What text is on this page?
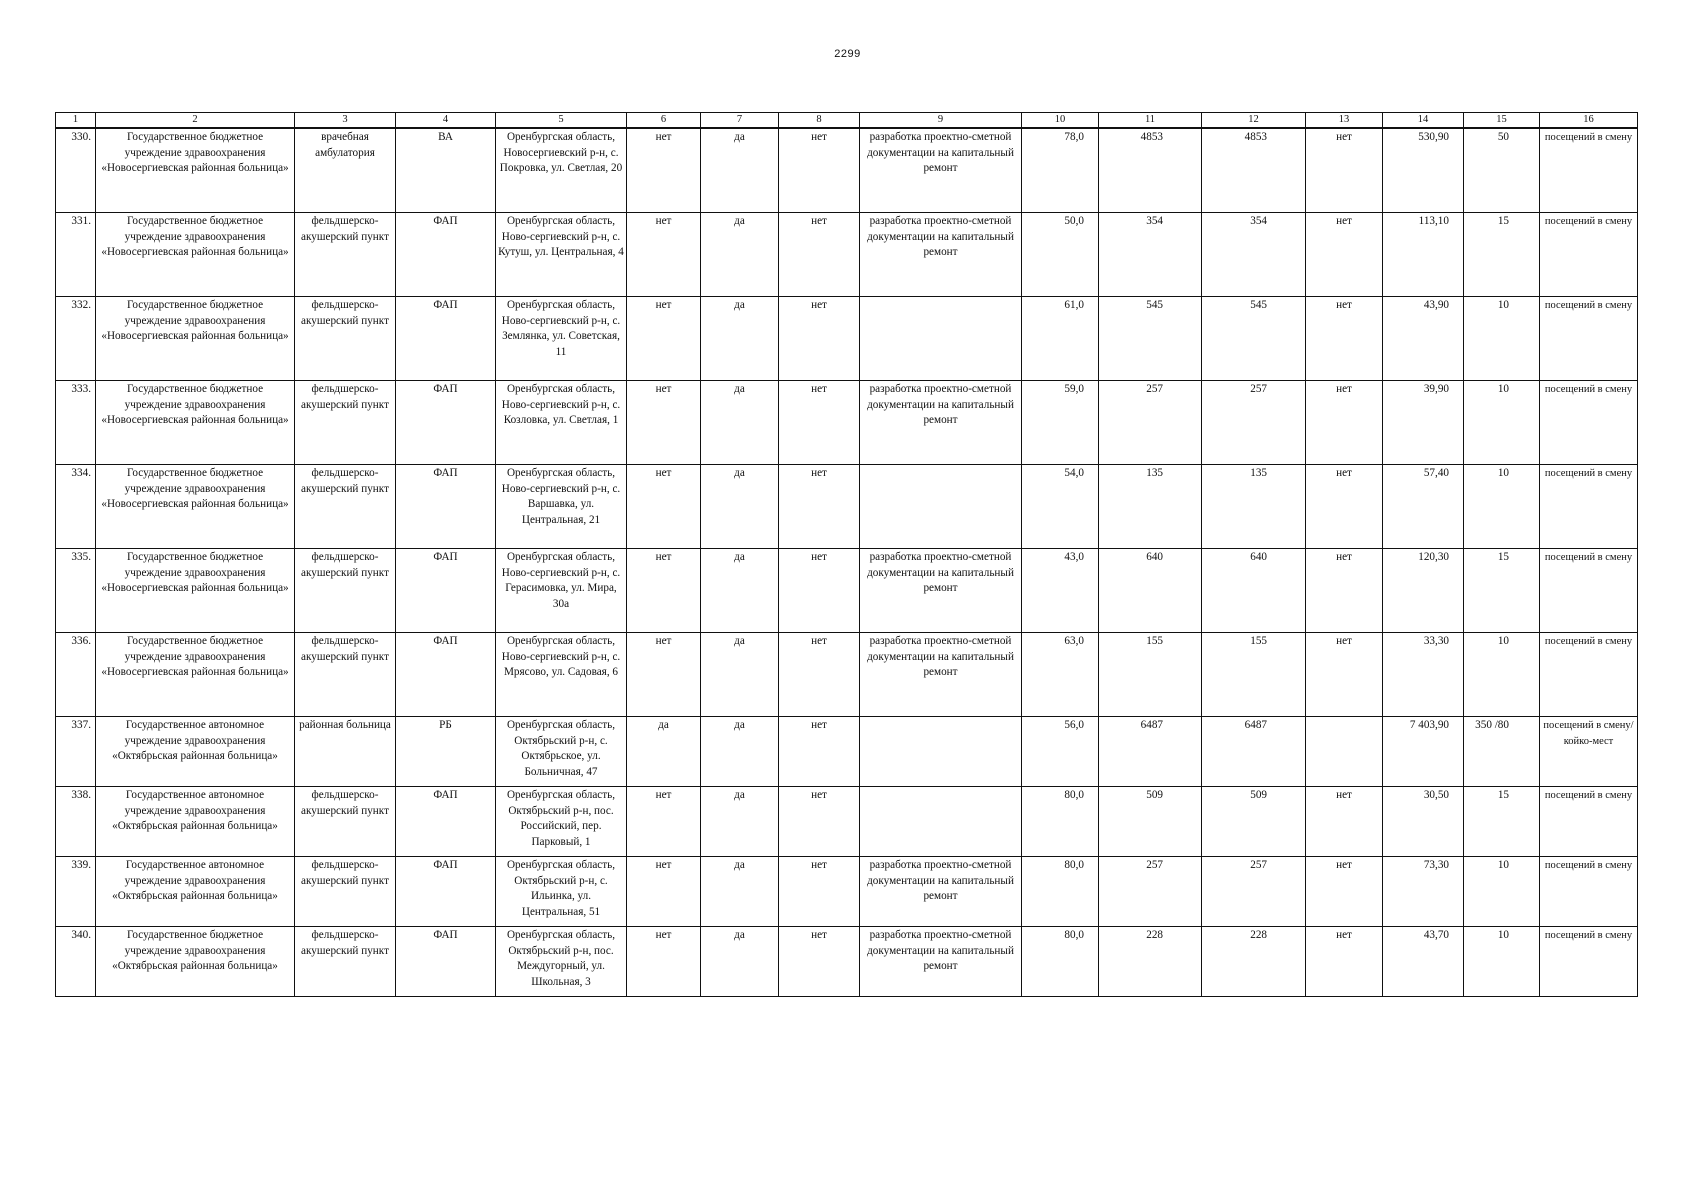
2299
1	2	3	4	5	6	7	8	9	10	11	12	13	14	15	16
330.	Государственное бюджетное учреждение здравоохранения «Новосергиевская районная больница»	врачебная амбулатория	ВА	Оренбургская область, Новосергиевский р-н, с. Покровка, ул. Светлая, 20	нет	да	нет	разработка проектно-сметной документации на капитальный ремонт	78,0	4853	4853	нет	530,90	50	посещений в смену
331.	Государственное бюджетное учреждение здравоохранения «Новосергиевская районная больница»	фельдшерско-акушерский пункт	ФАП	Оренбургская область, Ново-сергиевский р-н, с. Кутуш, ул. Центральная, 4	нет	да	нет	разработка проектно-сметной документации на капитальный ремонт	50,0	354	354	нет	113,10	15	посещений в смену
332.	Государственное бюджетное учреждение здравоохранения «Новосергиевская районная больница»	фельдшерско-акушерский пункт	ФАП	Оренбургская область, Ново-сергиевский р-н, с. Землянка, ул. Советская, 11	нет	да	нет		61,0	545	545	нет	43,90	10	посещений в смену
333.	Государственное бюджетное учреждение здравоохранения «Новосергиевская районная больница»	фельдшерско-акушерский пункт	ФАП	Оренбургская область, Ново-сергиевский р-н, с. Козловка, ул. Светлая, 1	нет	да	нет	разработка проектно-сметной документации на капитальный ремонт	59,0	257	257	нет	39,90	10	посещений в смену
334.	Государственное бюджетное учреждение здравоохранения «Новосергиевская районная больница»	фельдшерско-акушерский пункт	ФАП	Оренбургская область, Ново-сергиевский р-н, с. Варшавка, ул. Центральная, 21	нет	да	нет		54,0	135	135	нет	57,40	10	посещений в смену
335.	Государственное бюджетное учреждение здравоохранения «Новосергиевская районная больница»	фельдшерско-акушерский пункт	ФАП	Оренбургская область, Ново-сергиевский р-н, с. Герасимовка, ул. Мира, 30а	нет	да	нет	разработка проектно-сметной документации на капитальный ремонт	43,0	640	640	нет	120,30	15	посещений в смену
336.	Государственное бюджетное учреждение здравоохранения «Новосергиевская районная больница»	фельдшерско-акушерский пункт	ФАП	Оренбургская область, Ново-сергиевский р-н, с. Мрясово, ул. Садовая, 6	нет	да	нет	разработка проектно-сметной документации на капитальный ремонт	63,0	155	155	нет	33,30	10	посещений в смену
337.	Государственное автономное учреждение здравоохранения «Октябрьская районная больница»	районная больница	РБ	Оренбургская область, Октябрьский р-н, с. Октябрьское, ул. Больничная, 47	да	да	нет		56,0	6487	6487		7 403,90	350 /80	посещений в смену/койко-мест
338.	Государственное автономное учреждение здравоохранения «Октябрьская районная больница»	фельдшерско-акушерский пункт	ФАП	Оренбургская область, Октябрьский р-н, пос. Российский, пер. Парковый, 1	нет	да	нет		80,0	509	509	нет	30,50	15	посещений в смену
339.	Государственное автономное учреждение здравоохранения «Октябрьская районная больница»	фельдшерско-акушерский пункт	ФАП	Оренбургская область, Октябрьский р-н, с. Ильинка, ул. Центральная, 51	нет	да	нет	разработка проектно-сметной документации на капитальный ремонт	80,0	257	257	нет	73,30	10	посещений в смену
340.	Государственное бюджетное учреждение здравоохранения «Октябрьская районная больница»	фельдшерско-акушерский пункт	ФАП	Оренбургская область, Октябрьский р-н, пос. Междугорный, ул. Школьная, 3	нет	да	нет	разработка проектно-сметной документации на капитальный ремонт	80,0	228	228	нет	43,70	10	посещений в смену
